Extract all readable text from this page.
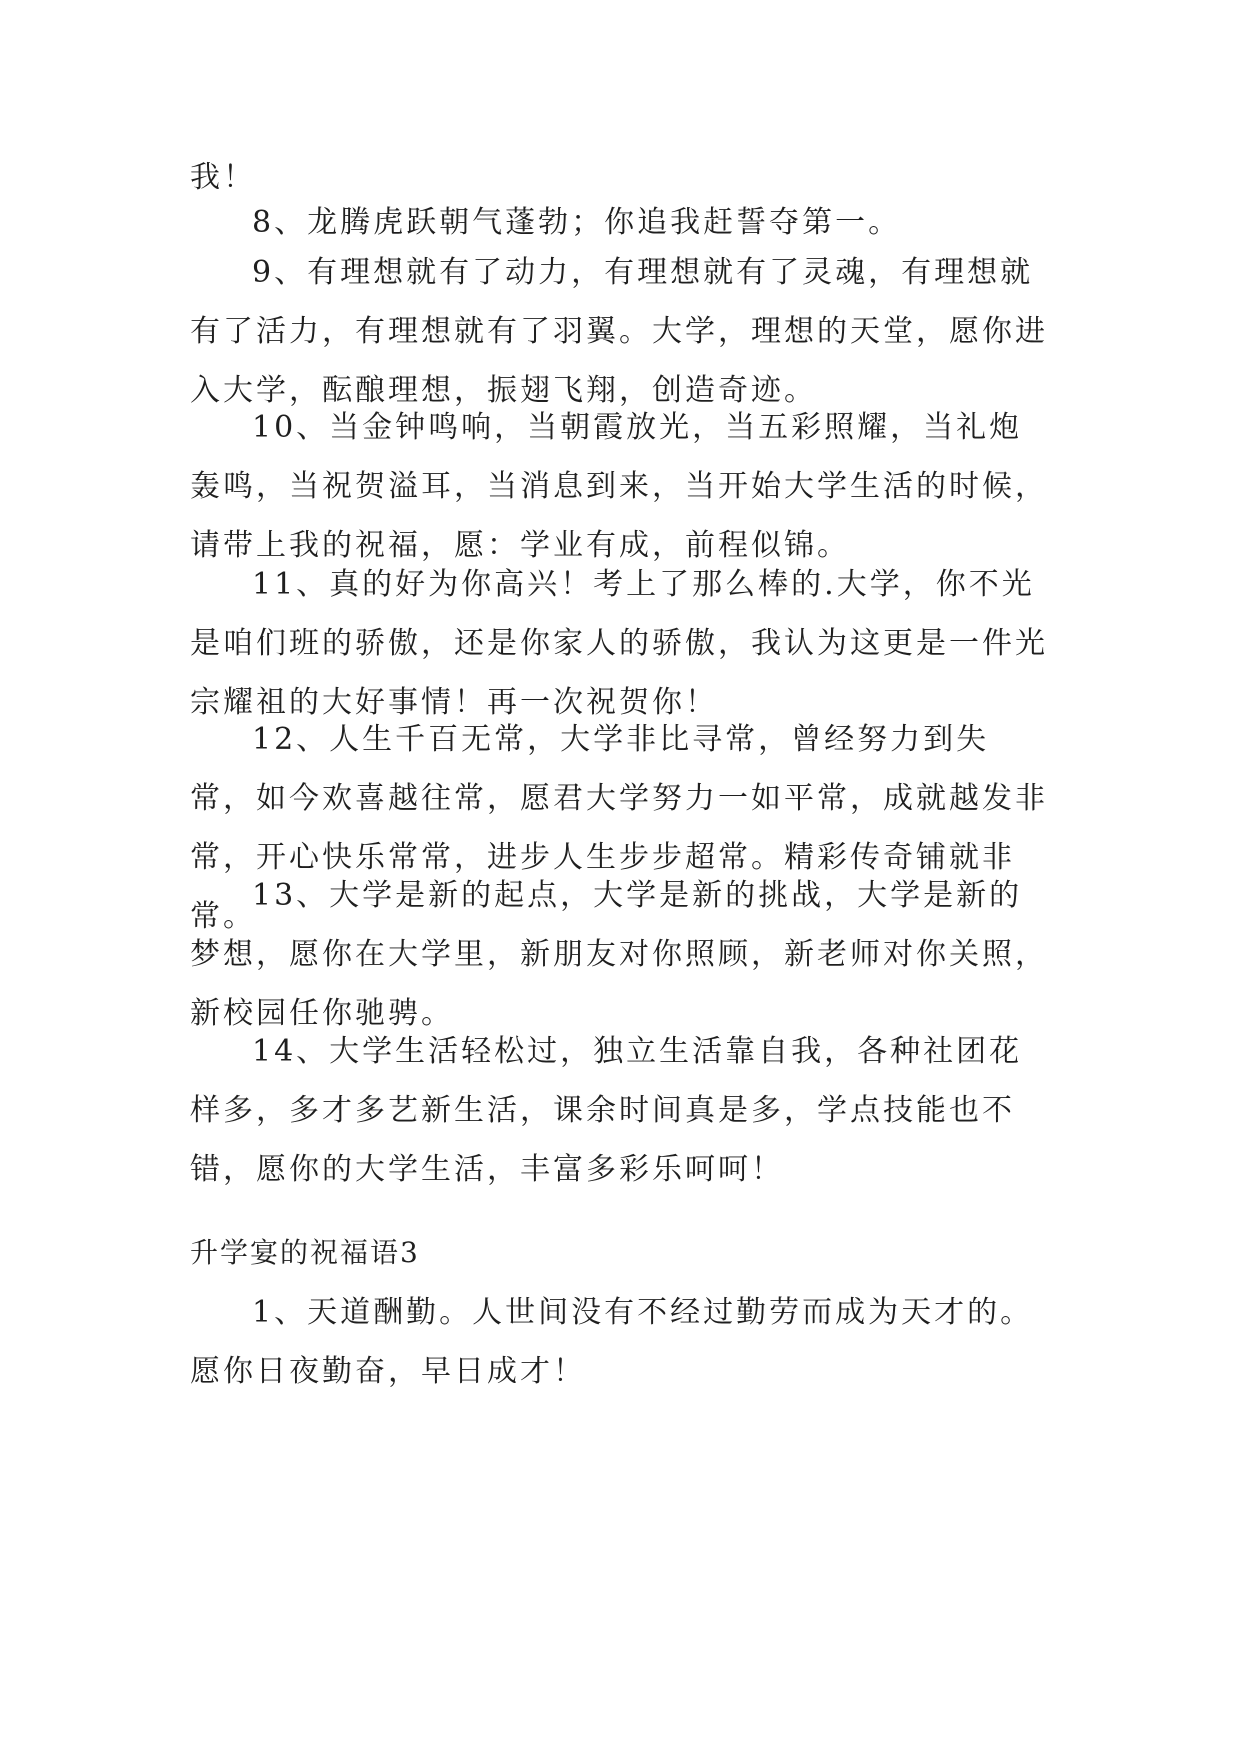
我！
8、龙腾虎跃朝气蓬勃；你追我赶誓夺第一。
9、有理想就有了动力，有理想就有了灵魂，有理想就有了活力，有理想就有了羽翼。大学，理想的天堂，愿你进入大学，酝酿理想，振翅飞翔，创造奇迹。
10、当金钟鸣响，当朝霞放光，当五彩照耀，当礼炮轰鸣，当祝贺溢耳，当消息到来，当开始大学生活的时候，请带上我的祝福，愿：学业有成，前程似锦。
11、真的好为你高兴！考上了那么棒的.大学，你不光是咱们班的骄傲，还是你家人的骄傲，我认为这更是一件光宗耀祖的大好事情！再一次祝贺你！
12、人生千百无常，大学非比寻常，曾经努力到失常，如今欢喜越往常，愿君大学努力一如平常，成就越发非常，开心快乐常常，进步人生步步超常。精彩传奇铺就非常。
13、大学是新的起点，大学是新的挑战，大学是新的梦想，愿你在大学里，新朋友对你照顾，新老师对你关照，新校园任你驰骋。
14、大学生活轻松过，独立生活靠自我，各种社团花样多，多才多艺新生活，课余时间真是多，学点技能也不错，愿你的大学生活，丰富多彩乐呵呵！
升学宴的祝福语3
1、天道酬勤。人世间没有不经过勤劳而成为天才的。愿你日夜勤奋，早日成才！
